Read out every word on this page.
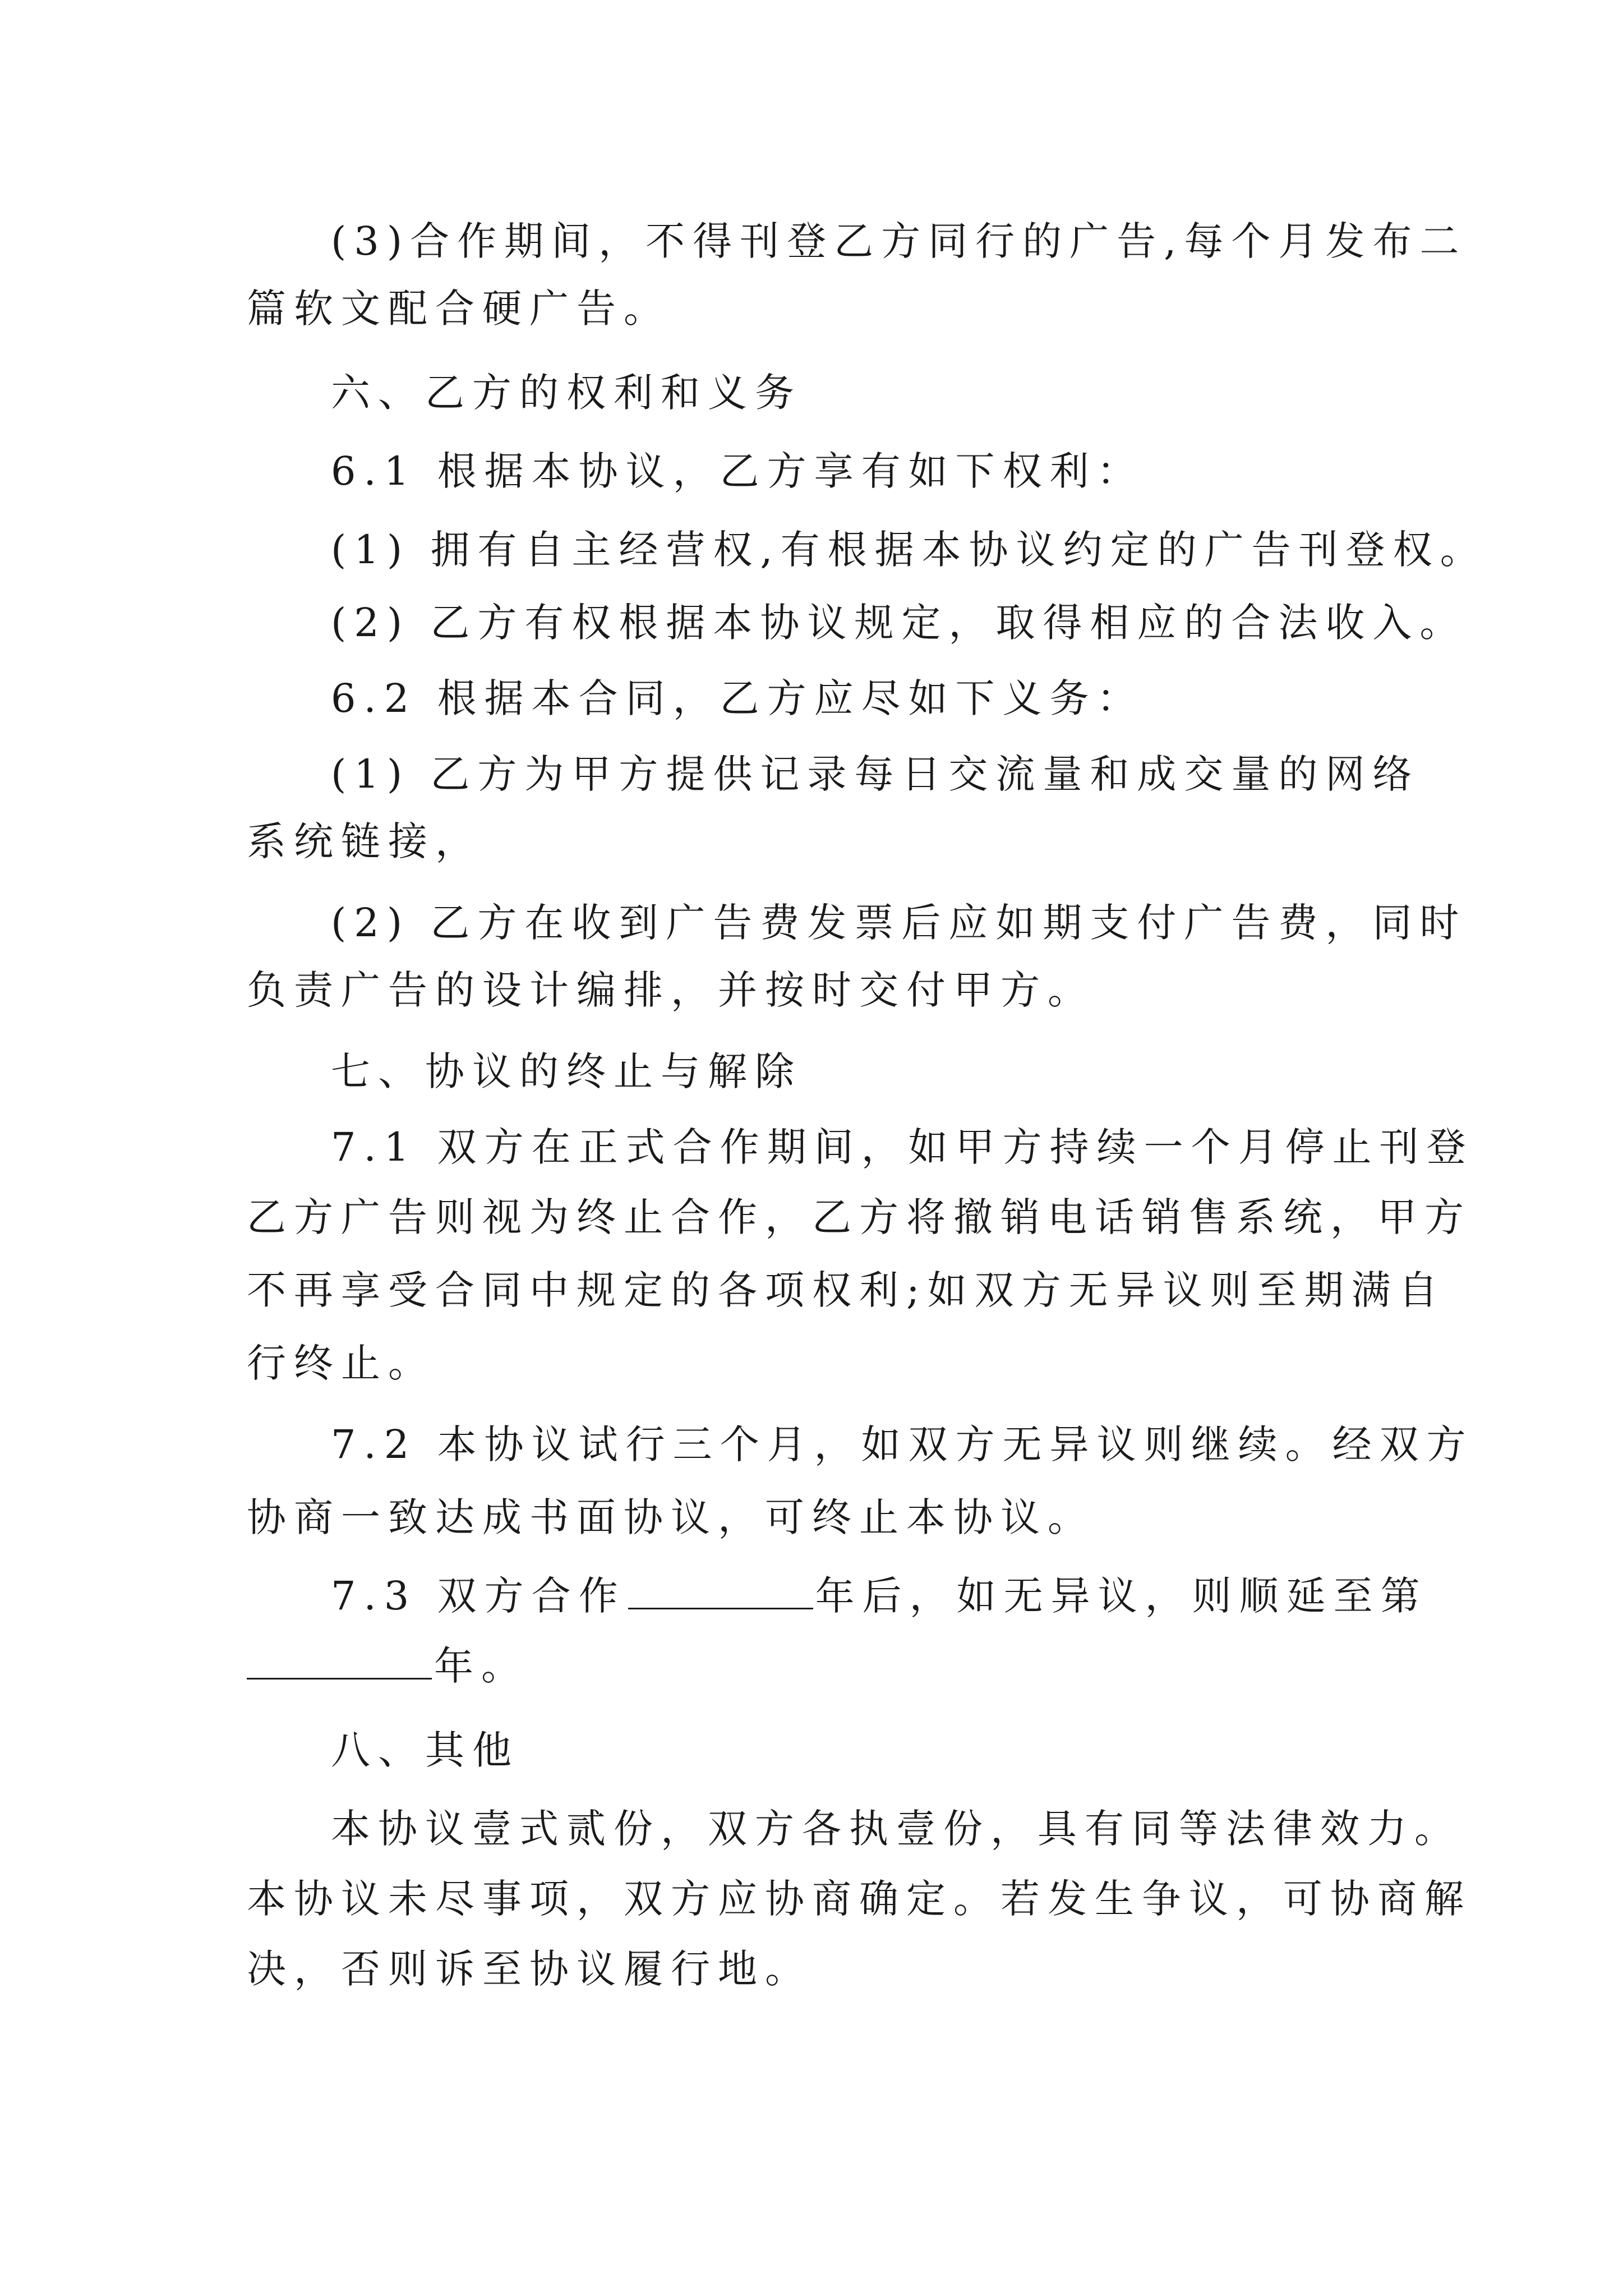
(3)合作期间，不得刊登乙方同行的广告,每个月发布二
篇软文配合硬广告。
六、乙方的权利和义务
6.1 根据本协议，乙方享有如下权利：
(1) 拥有自主经营权,有根据本协议约定的广告刊登权。
(2) 乙方有权根据本协议规定，取得相应的合法收入。
6.2 根据本合同，乙方应尽如下义务：
(1) 乙方为甲方提供记录每日交流量和成交量的网络
系统链接，
(2) 乙方在收到广告费发票后应如期支付广告费，同时
负责广告的设计编排，并按时交付甲方。
七、协议的终止与解除
7.1 双方在正式合作期间，如甲方持续一个月停止刊登
乙方广告则视为终止合作，乙方将撤销电话销售系统，甲方
不再享受合同中规定的各项权利;如双方无异议则至期满自
行终止。
7.2 本协议试行三个月，如双方无异议则继续。经双方
协商一致达成书面协议，可终止本协议。
7.3 双方合作	年后，如无异议，则顺延至第
年。
八、其他
本协议壹式贰份，双方各执壹份，具有同等法律效力。
本协议未尽事项，双方应协商确定。若发生争议，可协商解
决，否则诉至协议履行地。
